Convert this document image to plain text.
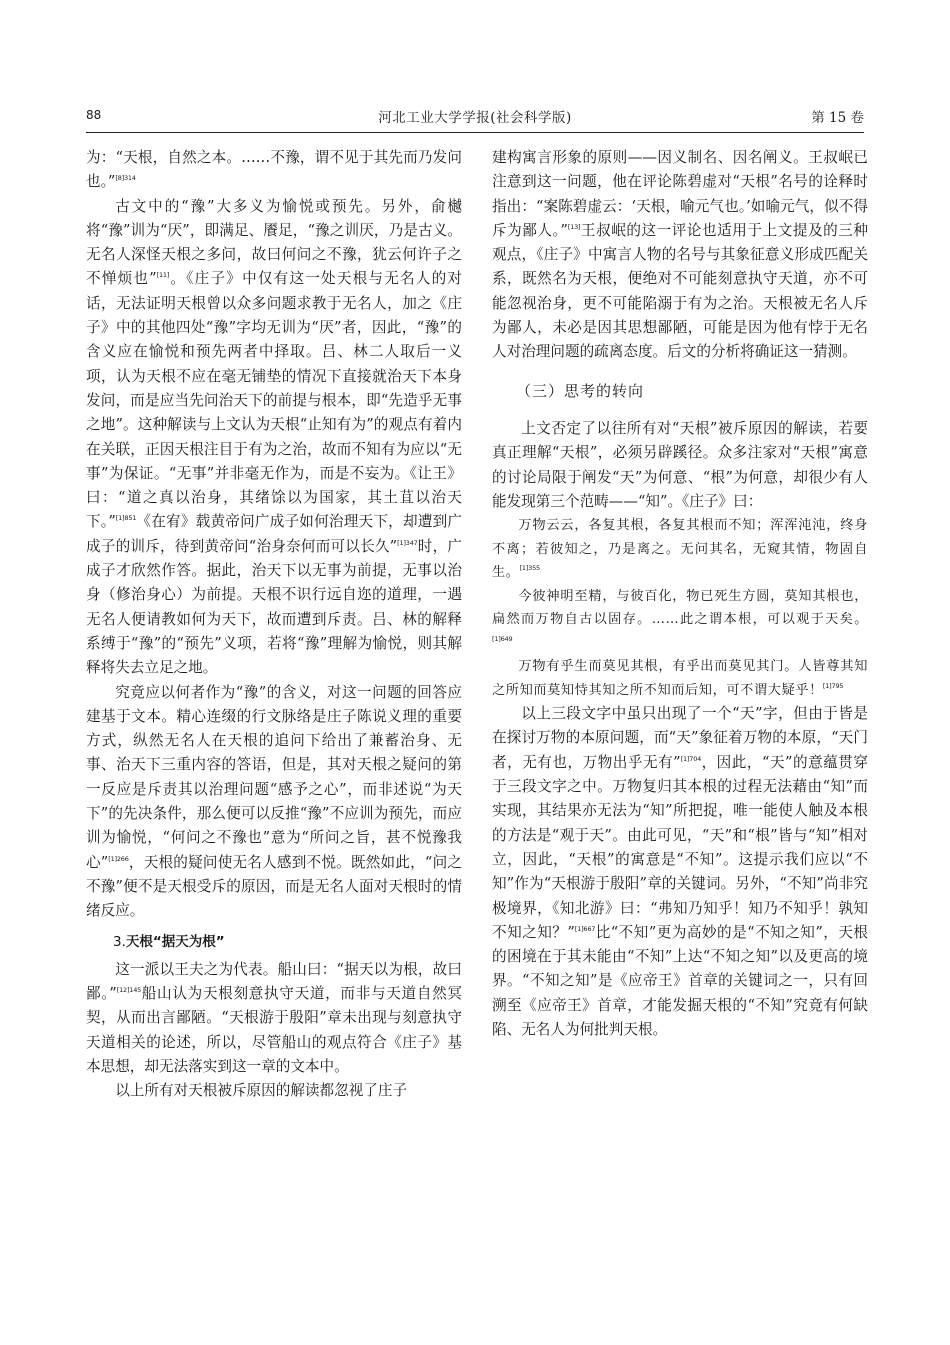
88	河北工业大学学报(社会科学版)	第 15 卷

为：“天根，自然之本。……不豫，谓不见于其先而乃发问也。”$^{[8]314}$

古文中的“豫”大多义为愉悦或预先。另外，俞樾将“豫”训为“厌”，即满足、餍足，“豫之训厌，乃是古义。无名人深怪天根之多问，故曰何问之不豫，犹云何许子之不惮烦也”[11]。《庄子》中仅有这一处天根与无名人的对话，无法证明天根曾以众多问题求教于无名人，加之《庄子》中的其他四处“豫”字均无训为“厌”者，因此，“豫”的含义应在愉悦和预先两者中择取。吕、林二人取后一义项，认为天根不应在毫无铺垫的情况下直接就治天下本身发问，而是应当先问治天下的前提与根本，即“先造乎无事之地”。这种解读与上文认为天根“止知有为”的观点有着内在关联，正因天根注目于有为之治，故而不知有为应以“无事”为保证。“无事”并非毫无作为，而是不妄为。《让王》曰：“道之真以治身，其绪馀以为国家，其土苴以治天下。”$^{[1]851}$《在宥》载黄帝问广成子如何治理天下，却遭到广成子的训斥，待到黄帝问“治身奈何而可以长久”$^{[1]347}$时，广成子才欣然作答。据此，治天下以无事为前提，无事以治身（修治身心）为前提。天根不识行远自迩的道理，一遇无名人便请教如何为天下，故而遭到斥责。吕、林的解释系缚于“豫”的“预先”义项，若将“豫”理解为愉悦，则其解释将失去立足之地。

究竟应以何者作为“豫”的含义，对这一问题的回答应建基于文本。精心连缀的行文脉络是庄子陈说义理的重要方式，纵然无名人在天根的追问下给出了兼蓄治身、无事、治天下三重内容的答语，但是，其对天根之疑问的第一反应是斥责其以治理问题“感予之心”，而非述说“为天下”的先决条件，那么便可以反推“豫”不应训为预先，而应训为愉悦，“何问之不豫也”意为“所问之旨，甚不悦豫我心”$^{[1]266}$，天根的疑问使无名人感到不悦。既然如此，“问之不豫”便不是天根受斥的原因，而是无名人面对天根时的情绪反应。

3.天根“据天为根”

这一派以王夫之为代表。船山曰：“据天以为根，故曰鄙。”$^{[12]145}$船山认为天根刻意执守天道，而非与天道自然冥契，从而出言鄙陋。“天根游于殷阳”章未出现与刻意执守天道相关的论述，所以，尽管船山的观点符合《庄子》基本思想，却无法落实到这一章的文本中。

以上所有对天根被斥原因的解读都忽视了庄子

建构寓言形象的原则——因义制名、因名阐义。王叔岷已注意到这一问题，他在评论陈碧虚对“天根”名号的诠释时指出：“案陈碧虚云：‘天根，喻元气也。’如喻元气，似不得斥为鄙人。”[13]王叔岷的这一评论也适用于上文提及的三种观点，《庄子》中寓言人物的名号与其象征意义形成匹配关系，既然名为天根，便绝对不可能刻意执守天道，亦不可能忽视治身，更不可能陷溺于有为之治。天根被无名人斥为鄙人，未必是因其思想鄙陋，可能是因为他有悖于无名人对治理问题的疏离态度。后文的分析将确证这一猜测。

（三）思考的转向

上文否定了以往所有对“天根”被斥原因的解读，若要真正理解“天根”，必须另辟蹊径。众多注家对“天根”寓意的讨论局限于阐发“天”为何意、“根”为何意，却很少有人能发现第三个范畴——“知”。《庄子》曰：

万物云云，各复其根，各复其根而不知；浑浑沌沌，终身不离；若彼知之，乃是离之。无问其名，无窥其情，物固自生。$^{[1]355}$

今彼神明至精，与彼百化，物已死生方圆，莫知其根也，扁然而万物自古以固存。……此之谓本根，可以观于天矣。$^{[1]649}$

万物有乎生而莫见其根，有乎出而莫见其门。人皆尊其知之所知而莫知恃其知之所不知而后知，可不谓大疑乎！$^{[1]795}$

以上三段文字中虽只出现了一个“天”字，但由于皆是在探讨万物的本原问题，而“天”象征着万物的本原，“天门者，无有也，万物出乎无有”$^{[1]704}$，因此，“天”的意蕴贯穿于三段文字之中。万物复归其本根的过程无法藉由“知”而实现，其结果亦无法为“知”所把捉，唯一能使人触及本根的方法是“观于天”。由此可见，“天”和“根”皆与“知”相对立，因此，“天根”的寓意是“不知”。这提示我们应以“不知”作为“天根游于殷阳”章的关键词。另外，“不知”尚非究极境界，《知北游》曰：“弗知乃知乎！知乃不知乎！孰知不知之知？”$^{[1]667}$比“不知”更为高妙的是“不知之知”，天根的困境在于其未能由“不知”上达“不知之知”以及更高的境界。“不知之知”是《应帝王》首章的关键词之一，只有回溯至《应帝王》首章，才能发掘天根的“不知”究竟有何缺陷、无名人为何批判天根。
